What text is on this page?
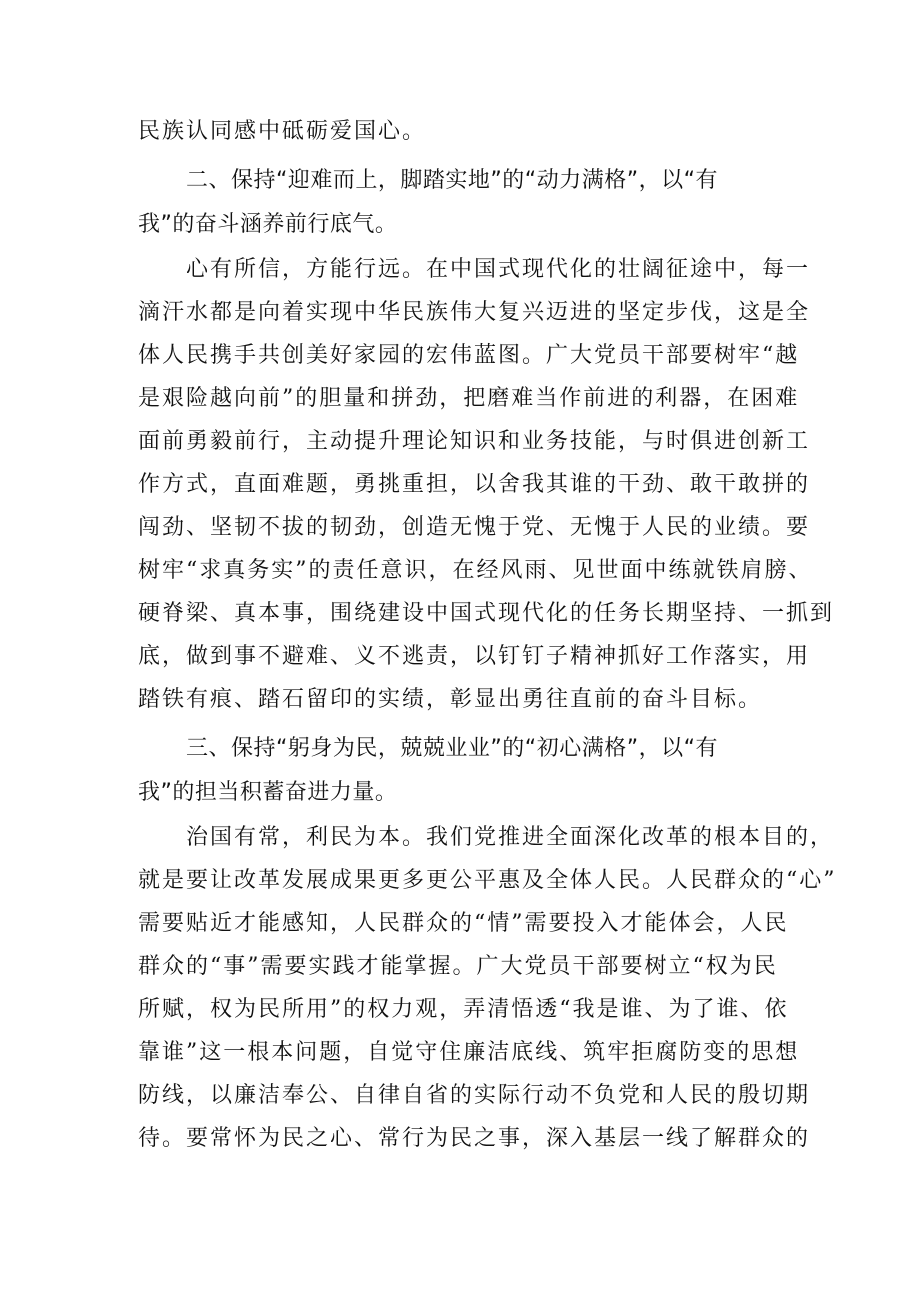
民族认同感中砥砺爱国心。
二、保持“迎难而上，脚踏实地”的“动力满格”，以“有
我”的奋斗涵养前行底气。
心有所信，方能行远。在中国式现代化的壮阔征途中，每一
滴汗水都是向着实现中华民族伟大复兴迈进的坚定步伐，这是全
体人民携手共创美好家园的宏伟蓝图。广大党员干部要树牢“越
是艰险越向前”的胆量和拼劲，把磨难当作前进的利器，在困难
面前勇毅前行，主动提升理论知识和业务技能，与时俱进创新工
作方式，直面难题，勇挑重担，以舍我其谁的干劲、敢干敢拼的
闯劲、坚韧不拔的韧劲，创造无愧于党、无愧于人民的业绩。要
树牢“求真务实”的责任意识，在经风雨、见世面中练就铁肩膀、
硬脊梁、真本事，围绕建设中国式现代化的任务长期坚持、一抓到
底，做到事不避难、义不逃责，以钉钉子精神抓好工作落实，用
踏铁有痕、踏石留印的实绩，彰显出勇往直前的奋斗目标。
三、保持“躬身为民，兢兢业业”的“初心满格”，以“有
我”的担当积蓄奋进力量。
治国有常，利民为本。我们党推进全面深化改革的根本目的，
就是要让改革发展成果更多更公平惠及全体人民。人民群众的“心”
需要贴近才能感知，人民群众的“情”需要投入才能体会，人民
群众的“事”需要实践才能掌握。广大党员干部要树立“权为民
所赋，权为民所用”的权力观，弄清悟透“我是谁、为了谁、依
靠谁”这一根本问题，自觉守住廉洁底线、筑牢拒腐防变的思想
防线，以廉洁奉公、自律自省的实际行动不负党和人民的殷切期
待。要常怀为民之心、常行为民之事，深入基层一线了解群众的
